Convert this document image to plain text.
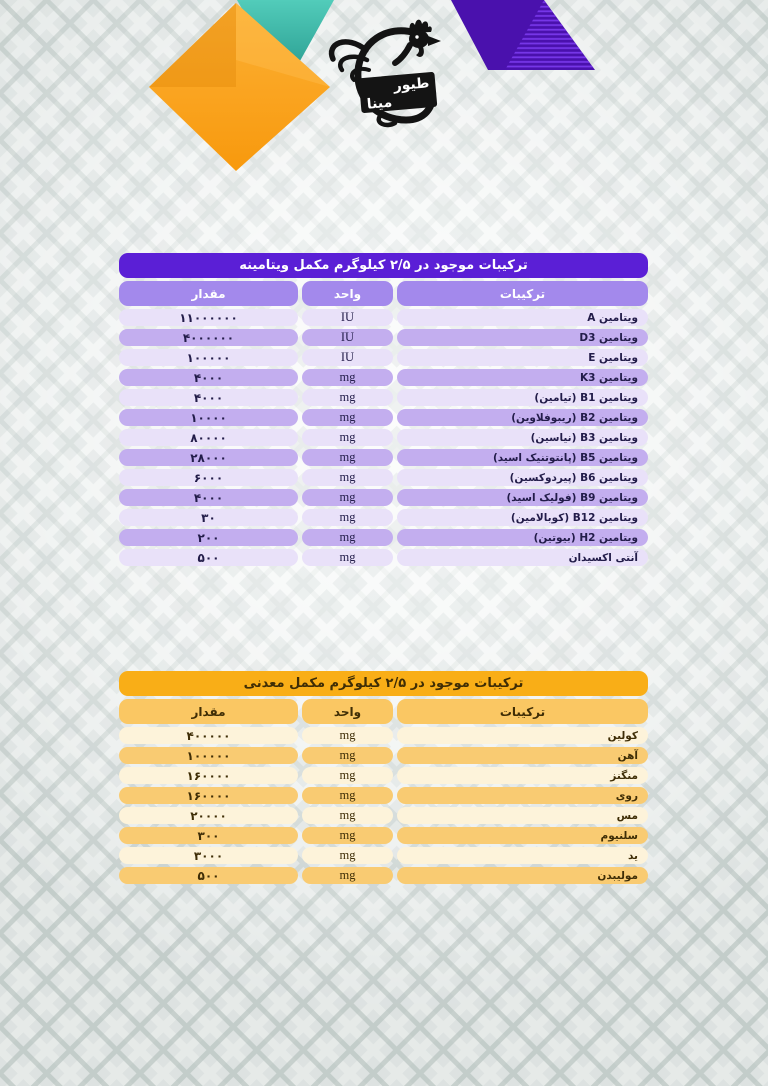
طیور
مینا
ترکیبات موجود در ۲/۵ کیلوگرم مکمل ویتامینه
مقدار	واحد	ترکیبات
۱۱۰۰۰۰۰۰	IU	ویتامین A
۴۰۰۰۰۰۰	IU	ویتامین D3
۱۰۰۰۰۰	IU	ویتامین E
۴۰۰۰	mg	ویتامین K3
۴۰۰۰	mg	ویتامین B1 (تیامین)
۱۰۰۰۰	mg	ویتامین B2 (ریبوفلاوین)
۸۰۰۰۰	mg	ویتامین B3 (نیاسین)
۲۸۰۰۰	mg	ویتامین B5 (پانتوتنیک اسید)
۶۰۰۰	mg	ویتامین B6 (پیردوکسین)
۴۰۰۰	mg	ویتامین B9 (فولیک اسید)
۳۰	mg	ویتامین B12 (کوبالامین)
۲۰۰	mg	ویتامین H2 (بیوتین)
۵۰۰	mg	آنتی اکسیدان
ترکیبات موجود در ۲/۵ کیلوگرم مکمل معدنی
مقدار	واحد	ترکیبات
۴۰۰۰۰۰	mg	کولین
۱۰۰۰۰۰	mg	آهن
۱۶۰۰۰۰	mg	منگنز
۱۶۰۰۰۰	mg	روی
۲۰۰۰۰	mg	مس
۳۰۰	mg	سلنیوم
۳۰۰۰	mg	ید
۵۰۰	mg	مولیبدن
